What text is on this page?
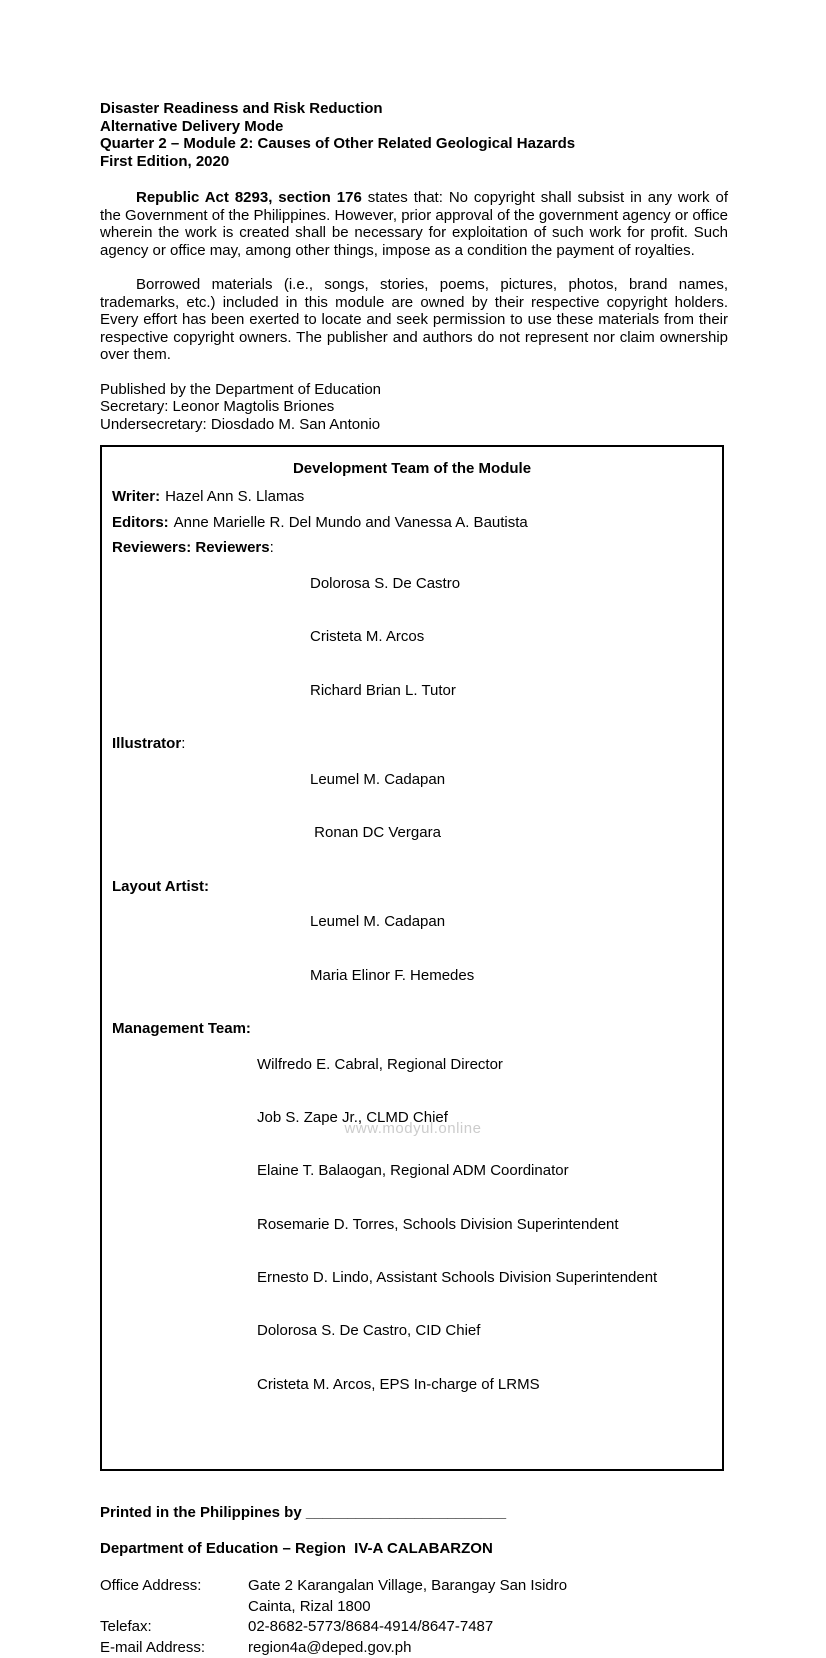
Disaster Readiness and Risk Reduction
Alternative Delivery Mode
Quarter 2 – Module 2: Causes of Other Related Geological Hazards
First Edition, 2020

Republic Act 8293, section 176 states that: No copyright shall subsist in any work of the Government of the Philippines. However, prior approval of the government agency or office wherein the work is created shall be necessary for exploitation of such work for profit. Such agency or office may, among other things, impose as a condition the payment of royalties.

Borrowed materials (i.e., songs, stories, poems, pictures, photos, brand names, trademarks, etc.) included in this module are owned by their respective copyright holders. Every effort has been exerted to locate and seek permission to use these materials from their respective copyright owners. The publisher and authors do not represent nor claim ownership over them.

Published by the Department of Education
Secretary: Leonor Magtolis Briones
Undersecretary: Diosdado M. San Antonio
Development Team of the Module
Writer: Hazel Ann S. Llamas
Editors: Anne Marielle R. Del Mundo and Vanessa A. Bautista
Reviewers: Reviewers:

Dolorosa S. De Castro

Cristeta M. Arcos

Richard Brian L. Tutor

Illustrator:

Leumel M. Cadapan

Ronan DC Vergara

Layout Artist:

Leumel M. Cadapan

Maria Elinor F. Hemedes

Management Team:

Wilfredo E. Cabral, Regional Director

Job S. Zape Jr., CLMD Chief

Elaine T. Balaogan, Regional ADM Coordinator

Rosemarie D. Torres, Schools Division Superintendent

Ernesto D. Lindo, Assistant Schools Division Superintendent

Dolorosa S. De Castro, CID Chief

Cristeta M. Arcos, EPS In-charge of LRMS

Printed in the Philippines by ________________________
Department of Education – Region  IV-A CALABARZON
Office Address:	Gate 2 Karangalan Village, Barangay San Isidro
Cainta, Rizal 1800
Telefax:	02-8682-5773/8684-4914/8647-7487
E-mail Address:	region4a@deped.gov.ph
www.modyul.online
